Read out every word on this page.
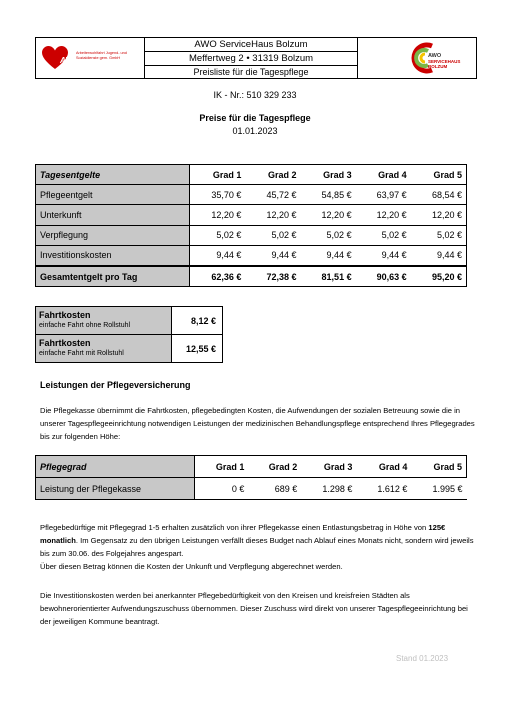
AWO
Arbeiterwohlfahrt Jugend- und Sozialdienste gem. GmbH
AWO ServiceHaus Bolzum
Meffertweg 2 • 31319 Bolzum
Preisliste für die Tagespflege
AWO
SERVICEHAUS
BOLZUM
IK - Nr.: 510 329 233
Preise für die Tagespflege
01.01.2023
Tagesentgelte	Grad 1	Grad 2	Grad 3	Grad 4	Grad 5
Pflegeentgelt	35,70 €	45,72 €	54,85 €	63,97 €	68,54 €
Unterkunft	12,20 €	12,20 €	12,20 €	12,20 €	12,20 €
Verpflegung	5,02 €	5,02 €	5,02 €	5,02 €	5,02 €
Investitionskosten	9,44 €	9,44 €	9,44 €	9,44 €	9,44 €
Gesamtentgelt pro Tag	62,36 €	72,38 €	81,51 €	90,63 €	95,20 €
Fahrtkosten
einfache Fahrt ohne Rollstuhl	8,12 €
Fahrtkosten
einfache Fahrt mit Rollstuhl	12,55 €
Leistungen der Pflegeversicherung
Die Pflegekasse übernimmt die Fahrtkosten, pflegebedingten Kosten, die Aufwendungen der sozialen Betreuung sowie die in unserer Tagespflegeeinrichtung notwendigen Leistungen der medizinischen Behandlungspflege entsprechend Ihres Pflegegrades bis zur folgenden Höhe:
Pflegegrad	Grad 1	Grad 2	Grad 3	Grad 4	Grad 5
Leistung der Pflegekasse	0 €	689 €	1.298 €	1.612 €	1.995 €
Pflegebedürftige mit Pflegegrad 1-5 erhalten zusätzlich von ihrer Pflegekasse einen Entlastungsbetrag in Höhe von 125€ monatlich. Im Gegensatz zu den übrigen Leistungen verfällt dieses Budget nach Ablauf eines Monats nicht, sondern wird jeweils bis zum 30.06. des Folgejahres angespart.
Über diesen Betrag können die Kosten der Unkunft und Verpflegung abgerechnet werden.
Die Investitionskosten werden bei anerkannter Pflegebedürftigkeit von den Kreisen und kreisfreien Städten als bewohnerorientierter Aufwendungszuschuss übernommen. Dieser Zuschuss wird direkt von unserer Tagespflegeeinrichtung bei der jeweiligen Kommune beantragt.
Stand 01.2023
